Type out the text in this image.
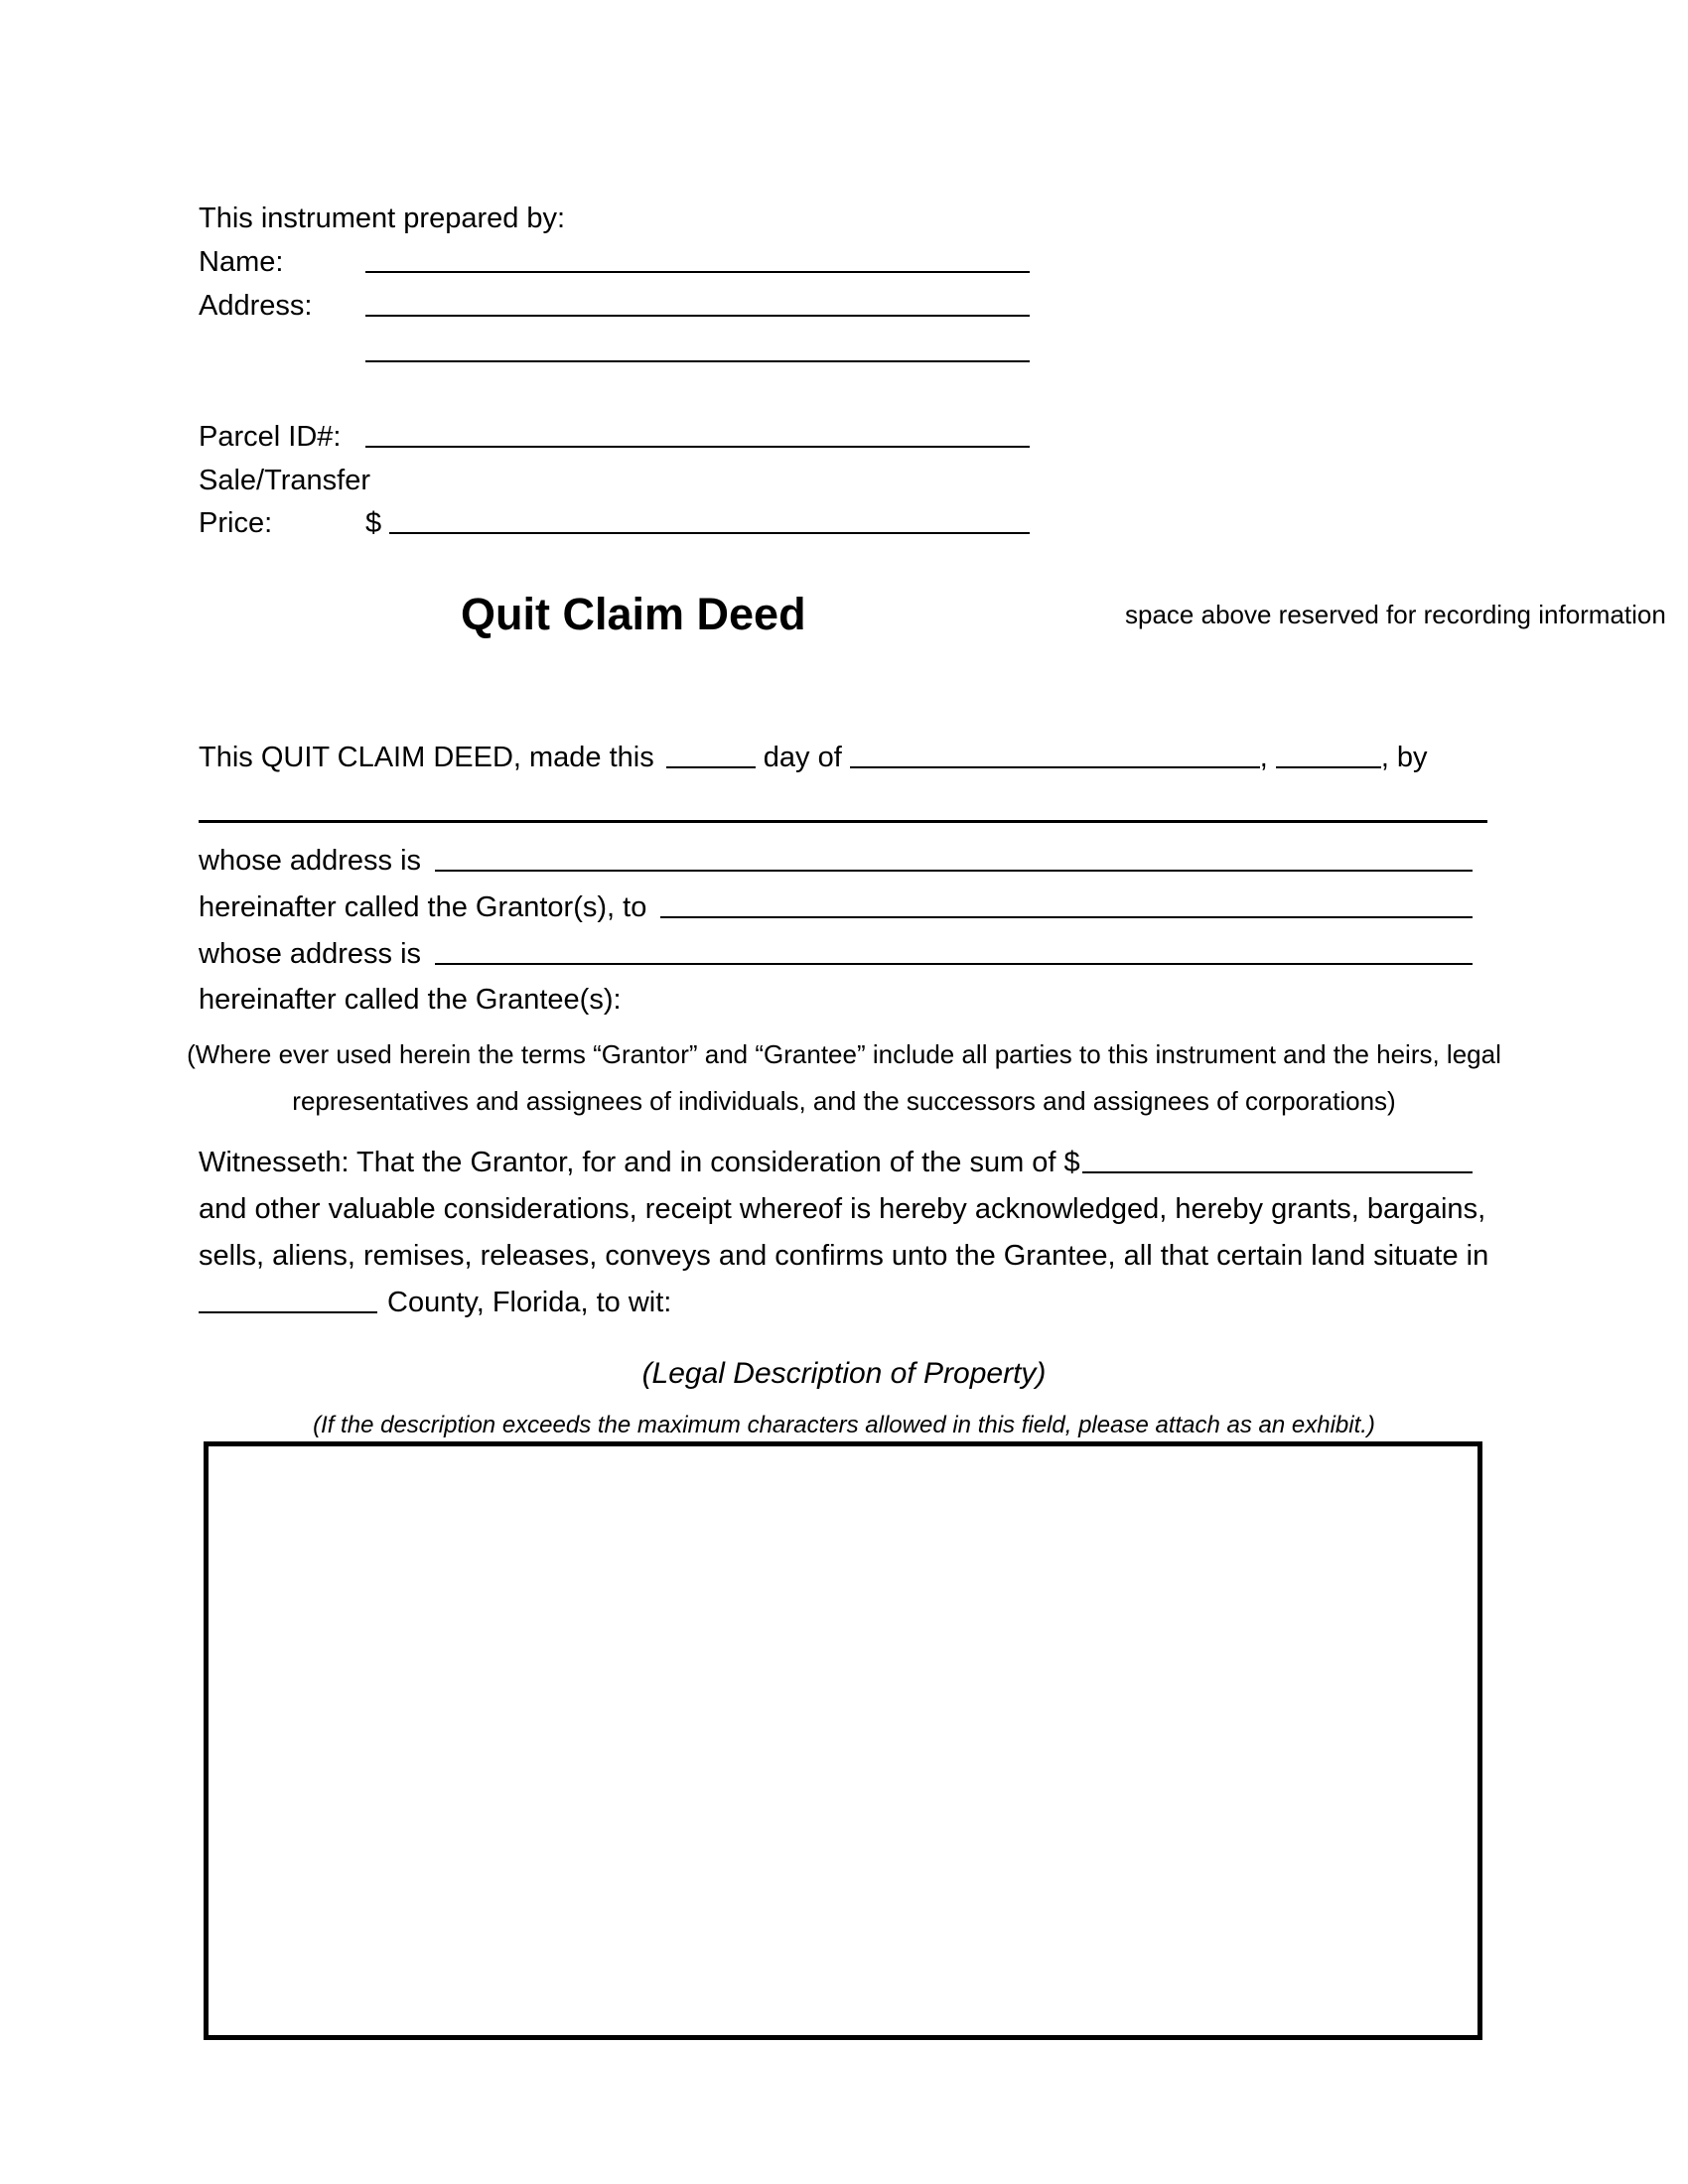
This instrument prepared by:
Name:
Address:
Parcel ID#:
Sale/Transfer
Price:	$
Quit Claim Deed	space above reserved for recording information
This QUIT CLAIM DEED, made this	day of	,	, by
whose address is
hereinafter called the Grantor(s), to
whose address is
hereinafter called the Grantee(s):
(Where ever used herein the terms “Grantor” and “Grantee” include all parties to this instrument and the heirs, legal
representatives and assignees of individuals, and the successors and assignees of corporations)
Witnesseth: That the Grantor, for and in consideration of the sum of $
and other valuable considerations, receipt whereof is hereby acknowledged, hereby grants, bargains,
sells, aliens, remises, releases, conveys and confirms unto the Grantee, all that certain land situate in
County, Florida, to wit:
(Legal Description of Property)
(If the description exceeds the maximum characters allowed in this field, please attach as an exhibit.)
